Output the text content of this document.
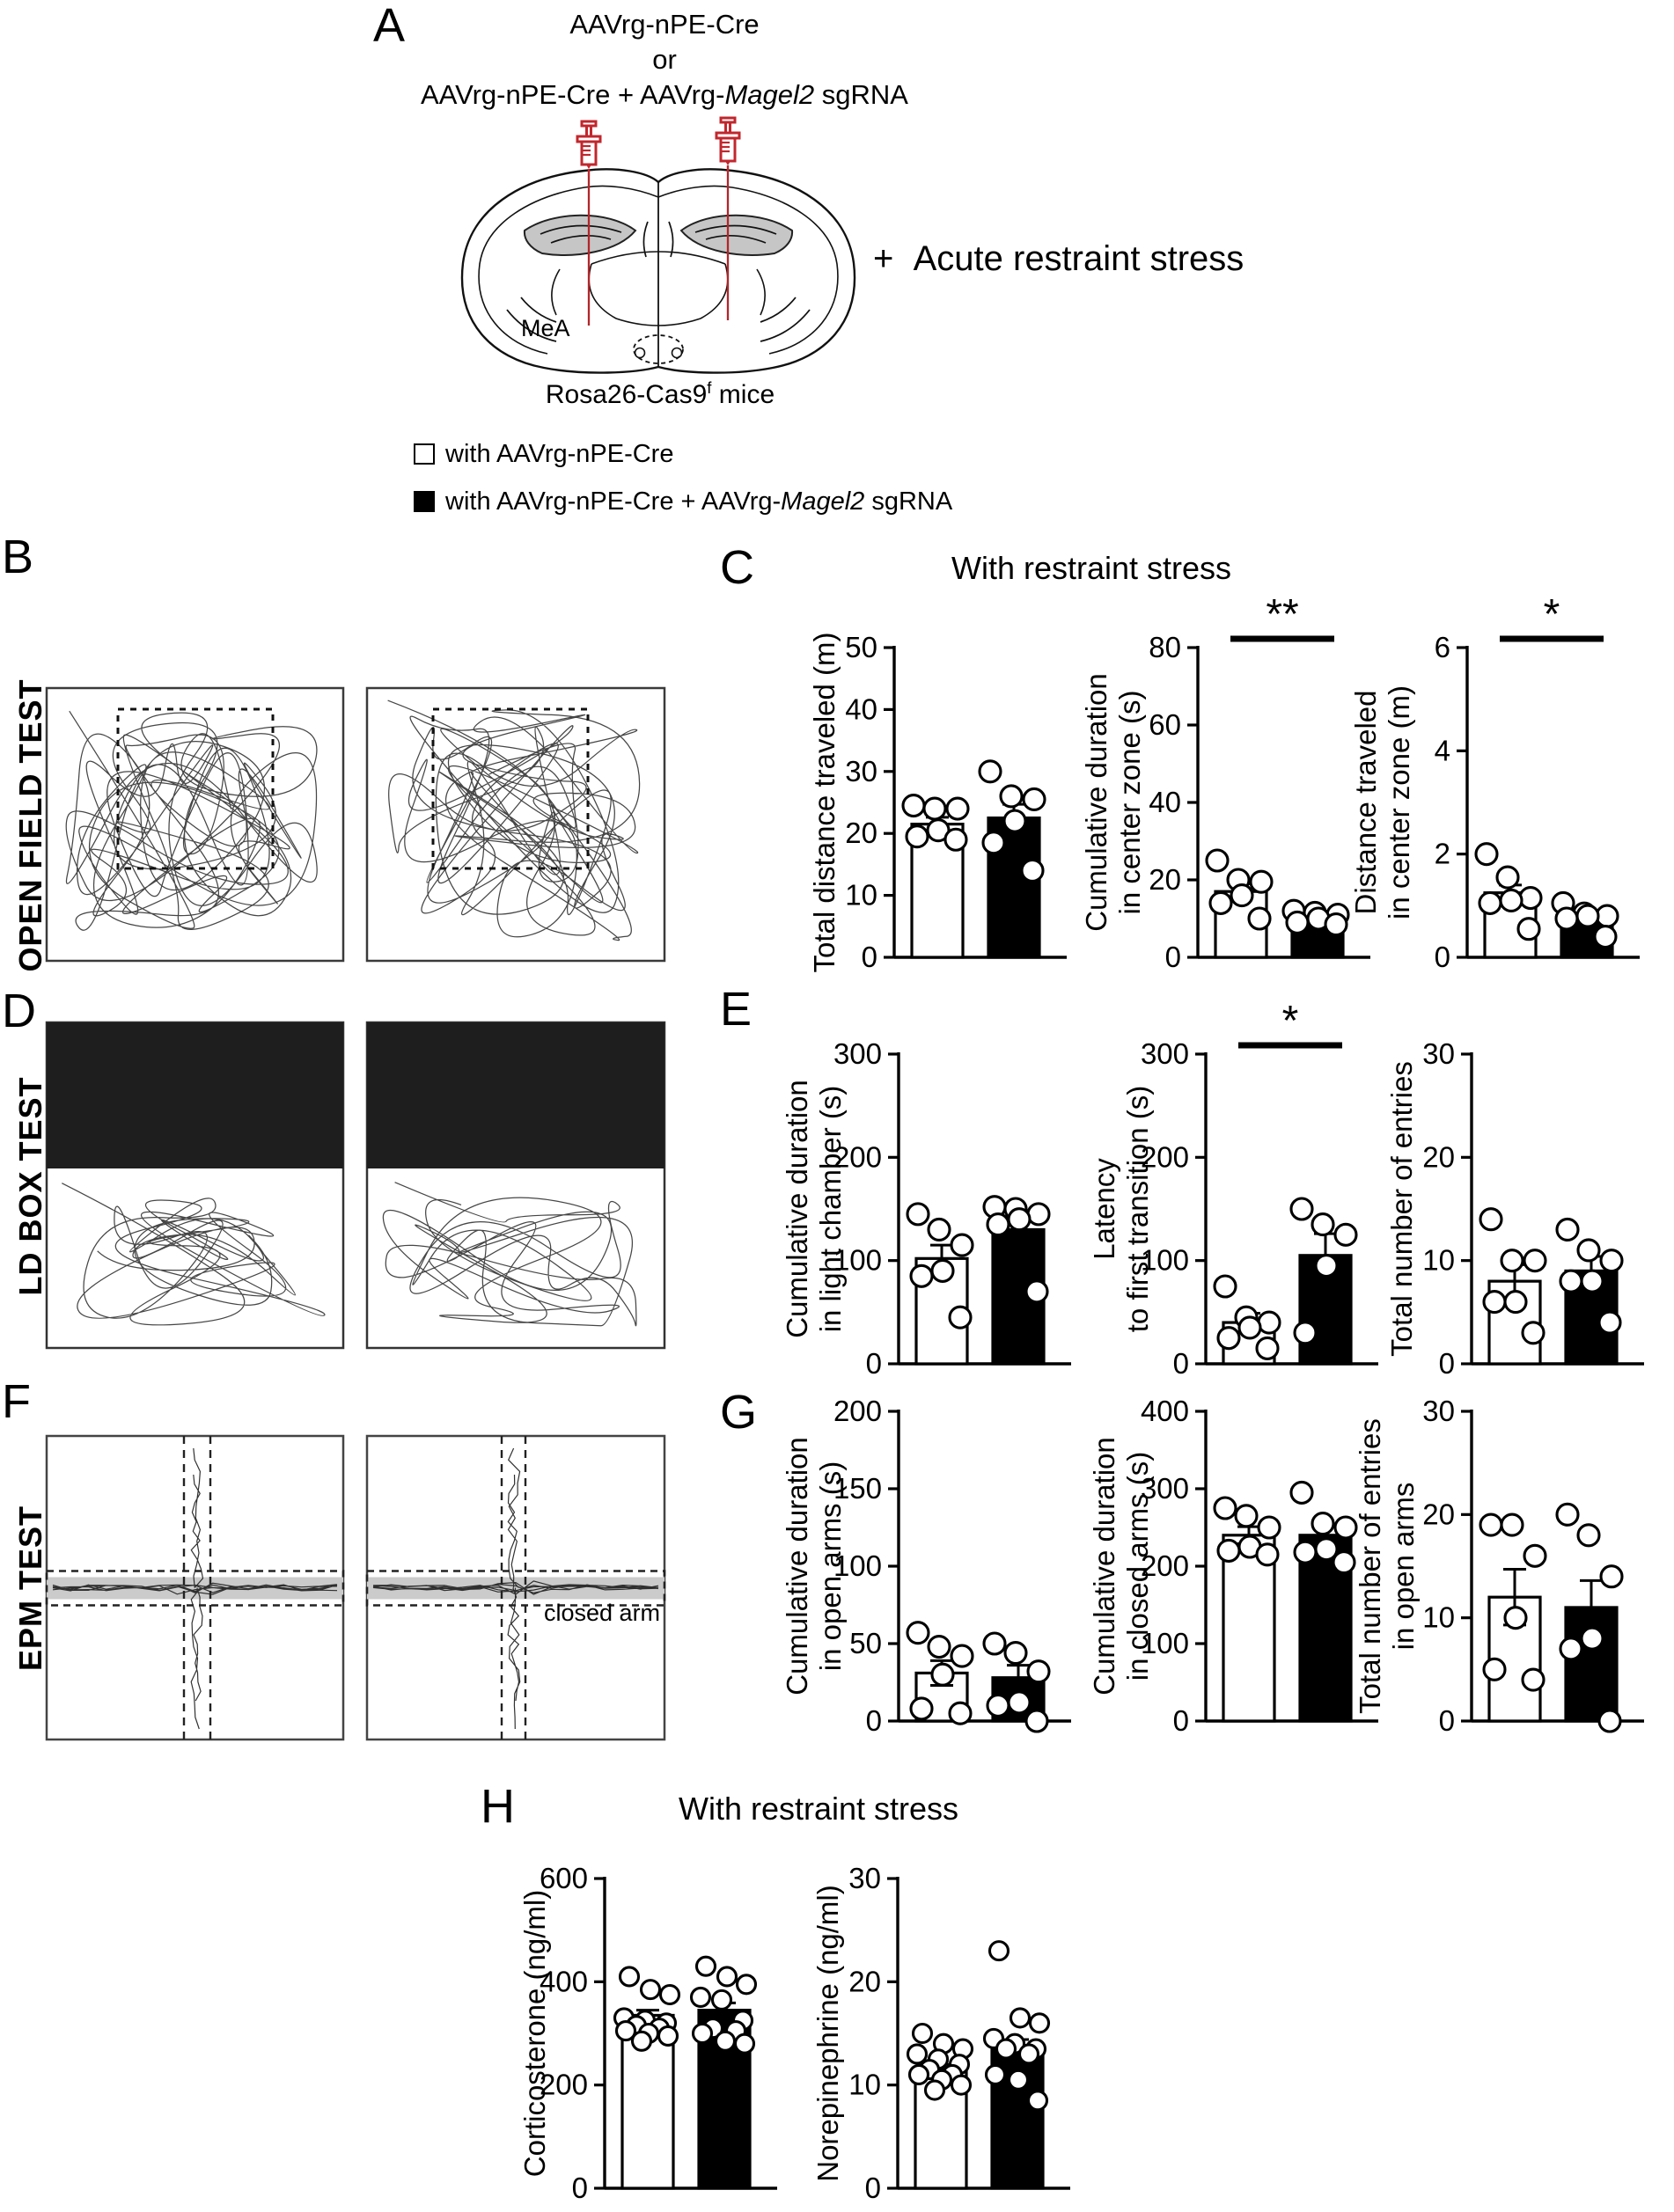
A
B	C
D	E
F	G
H
AAVrg-nPE-Cre
or
AAVrg-nPE-Cre + AAVrg-Magel2 sgRNA
+ Acute restraint stress
MeA
Rosa26-Cas9$^f$ mice
with AAVrg-nPE-Cre
with AAVrg-nPE-Cre + AAVrg-Magel2 sgRNA
OPEN FIELD TEST
LD BOX TEST
EPM TEST
With restraint stress
With restraint stress
closed arm
0
10
20
30
40
50
Total distance traveled (m)	0
20
40
60
80
Cumulative duration in center zone (s)
**
0
2
4
6
Distance traveled in center zone (m)
*
0
100
200
300
Cumulative duration in light chamber (s)
0
100
200
300
Latency to first transition (s)
*
0
10
20
30
Total number of entries
0
50
100
150
200
Cumulative duration in open arms (s)
0
100
200
300
400
Cumulative duration in closed arms (s)
0
10
20
30
Total number of entries in open arms
0
200
400
600
Corticosterone (ng/ml)
0
10
20
30
Norepinephrine (ng/ml)
